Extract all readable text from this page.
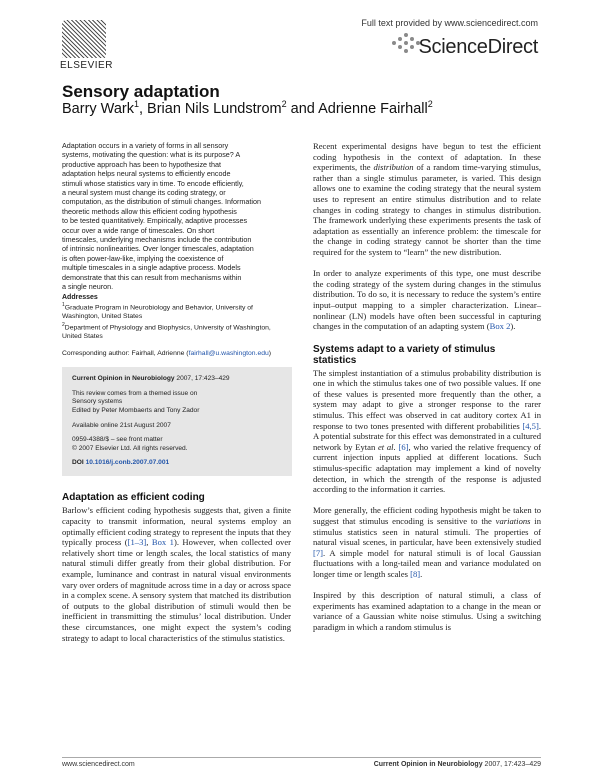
ELSEVIER
Full text provided by www.sciencedirect.com
ScienceDirect
Sensory adaptation
Barry Wark$^1$, Brian Nils Lundstrom$^2$ and Adrienne Fairhall$^2$

Adaptation occurs in a variety of forms in all sensory

systems, motivating the question: what is its purpose? A

productive approach has been to hypothesize that

adaptation helps neural systems to efficiently encode

stimuli whose statistics vary in time. To encode efficiently,

a neural system must change its coding strategy, or

computation, as the distribution of stimuli changes. Information

theoretic methods allow this efficient coding hypothesis

to be tested quantitatively. Empirically, adaptive processes

occur over a wide range of timescales. On short

timescales, underlying mechanisms include the contribution

of intrinsic nonlinearities. Over longer timescales, adaptation

is often power-law-like, implying the coexistence of

multiple timescales in a single adaptive process. Models

demonstrate that this can result from mechanisms within

a single neuron.

Addresses

$^1$Graduate Program in Neurobiology and Behavior, University of

Washington, United States

$^2$Department of Physiology and Biophysics, University of Washington,

United States

Corresponding author: Fairhall, Adrienne (fairhall@u.washington.edu)
Current Opinion in Neurobiology 2007, 17:423–429
This review comes from a themed issue on
Sensory systems
Edited by Peter Mombaerts and Tony Zador
Available online 21st August 2007
0959-4388/$ – see front matter
© 2007 Elsevier Ltd. All rights reserved.
DOI 10.1016/j.conb.2007.07.001
Adaptation as efficient coding

Barlow’s efficient coding hypothesis suggests that, given a finite capacity to transmit information, neural systems employ an optimally efficient coding strategy to represent the inputs that they typically process ([1–3], Box 1). However, when collected over relatively short time or length scales, the local statistics of many natural stimuli differ greatly from their global distribution. For example, luminance and contrast in natural visual environments vary over orders of magnitude across time in a day or across space in a complex scene. A sensory system that matched its distribution of outputs to the global distribution of stimuli would then be inefficient in transmitting the stimulus’ local distribution. Under these circumstances, one might expect the system’s coding strategy to adapt to local characteristics of the stimulus statistics.

Recent experimental designs have begun to test the efficient coding hypothesis in the context of adaptation. In these experiments, the distribution of a random time-varying stimulus, rather than a single stimulus parameter, is varied. This design allows one to examine the coding strategy that the neural system uses to represent an entire stimulus distribution and to relate changes in coding strategy to changes in stimulus distribution. The framework underlying these experiments presents the task of adaptation as essentially an inference problem: the timescale for the change in coding strategy cannot be shorter than the time required for the system to “learn” the new distribution.

In order to analyze experiments of this type, one must describe the coding strategy of the system during changes in the stimulus distribution. To do so, it is necessary to reduce the system’s entire input–output mapping to a simpler characterization. Linear–nonlinear (LN) models have often been successful in capturing changes in the computation of an adapting system (Box 2).

Systems adapt to a variety of stimulus statistics

The simplest instantiation of a stimulus probability distribution is one in which the stimulus takes one of two possible values. If one of these values is presented more frequently than the other, a system may adapt to give a stronger response to the rarer stimulus. This effect was observed in cat auditory cortex A1 in response to two tones presented with different probabilities [4,5]. A potential substrate for this effect was demonstrated in a cultured network by Eytan et al. [6], who varied the relative frequency of current injection inputs applied at different locations. Such stimulus-specific adaptation may implement a kind of novelty detection, in which the strength of the response is adjusted according to the information it carries.

More generally, the efficient coding hypothesis might be taken to suggest that stimulus encoding is sensitive to the variations in stimulus statistics seen in natural stimuli. The properties of natural visual scenes, in particular, have been extensively studied [7]. A simple model for natural stimuli is of local Gaussian fluctuations with a long-tailed mean and variance modulated on longer time or length scales [8].

Inspired by this description of natural stimuli, a class of experiments has examined adaptation to a change in the mean or variance of a Gaussian white noise stimulus. Using a switching paradigm in which a random stimulus is

www.sciencedirect.com	Current Opinion in Neurobiology 2007, 17:423–429
